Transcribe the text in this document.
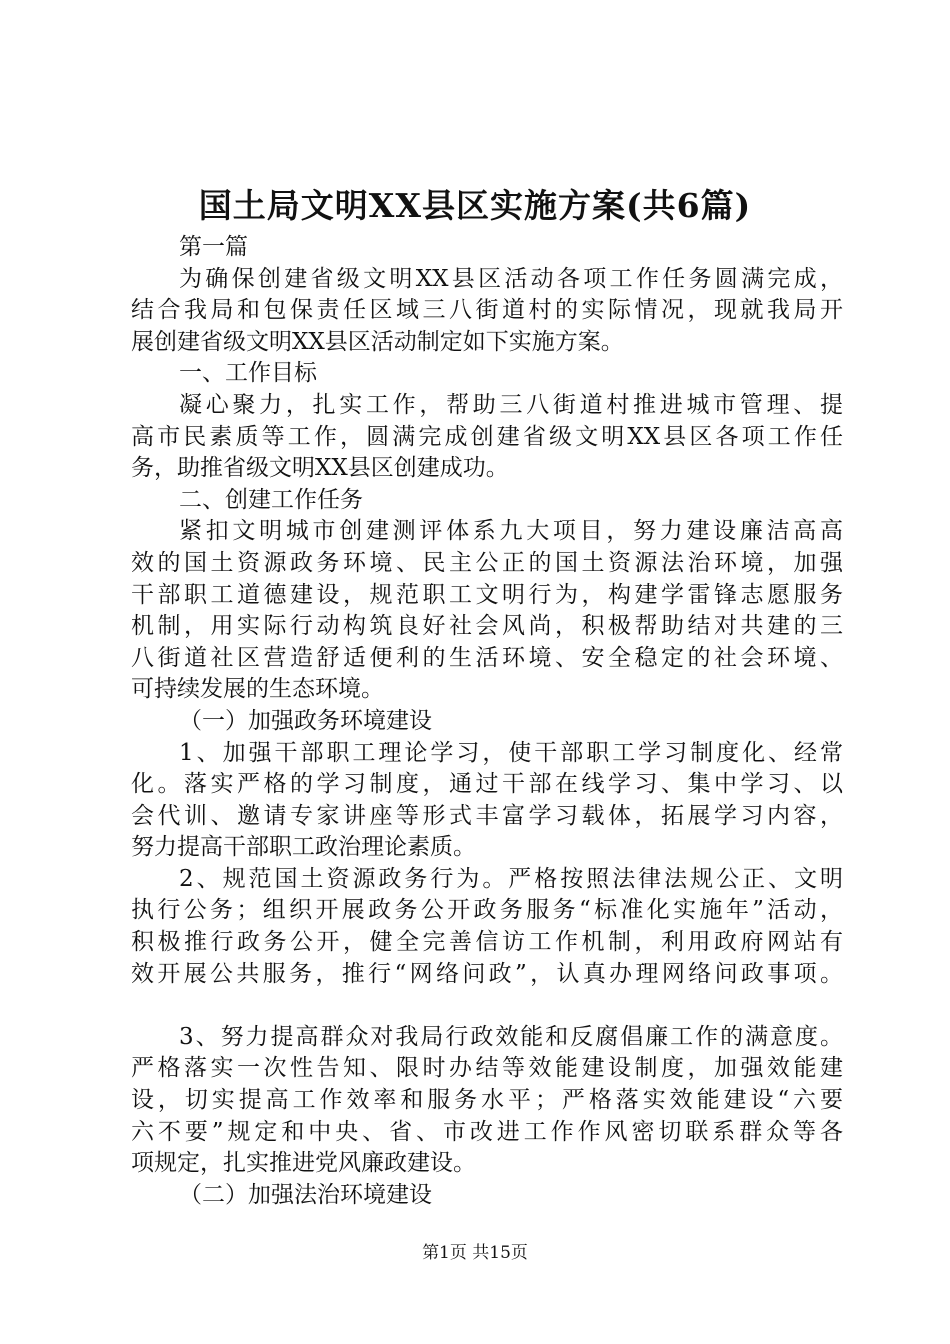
国土局文明XX县区实施方案(共6篇)
第一篇
为确保创建省级文明XX县区活动各项工作任务圆满完成，
结合我局和包保责任区域三八街道村的实际情况，现就我局开
展创建省级文明XX县区活动制定如下实施方案。
一、工作目标
凝心聚力，扎实工作，帮助三八街道村推进城市管理、提
高市民素质等工作，圆满完成创建省级文明XX县区各项工作任
务，助推省级文明XX县区创建成功。
二、创建工作任务
紧扣文明城市创建测评体系九大项目，努力建设廉洁高高
效的国土资源政务环境、民主公正的国土资源法治环境，加强
干部职工道德建设，规范职工文明行为，构建学雷锋志愿服务
机制，用实际行动构筑良好社会风尚，积极帮助结对共建的三
八街道社区营造舒适便利的生活环境、安全稳定的社会环境、
可持续发展的生态环境。
（一）加强政务环境建设
1、加强干部职工理论学习，使干部职工学习制度化、经常
化。落实严格的学习制度，通过干部在线学习、集中学习、以
会代训、邀请专家讲座等形式丰富学习载体，拓展学习内容，
努力提高干部职工政治理论素质。
2、规范国土资源政务行为。严格按照法律法规公正、文明
执行公务；组织开展政务公开政务服务“标准化实施年”活动，
积极推行政务公开，健全完善信访工作机制，利用政府网站有
效开展公共服务，推行“网络问政”，认真办理网络问政事项。
3、努力提高群众对我局行政效能和反腐倡廉工作的满意度。
严格落实一次性告知、限时办结等效能建设制度，加强效能建
设，切实提高工作效率和服务水平；严格落实效能建设“六要
六不要”规定和中央、省、市改进工作作风密切联系群众等各
项规定，扎实推进党风廉政建设。
（二）加强法治环境建设
第1页 共15页
